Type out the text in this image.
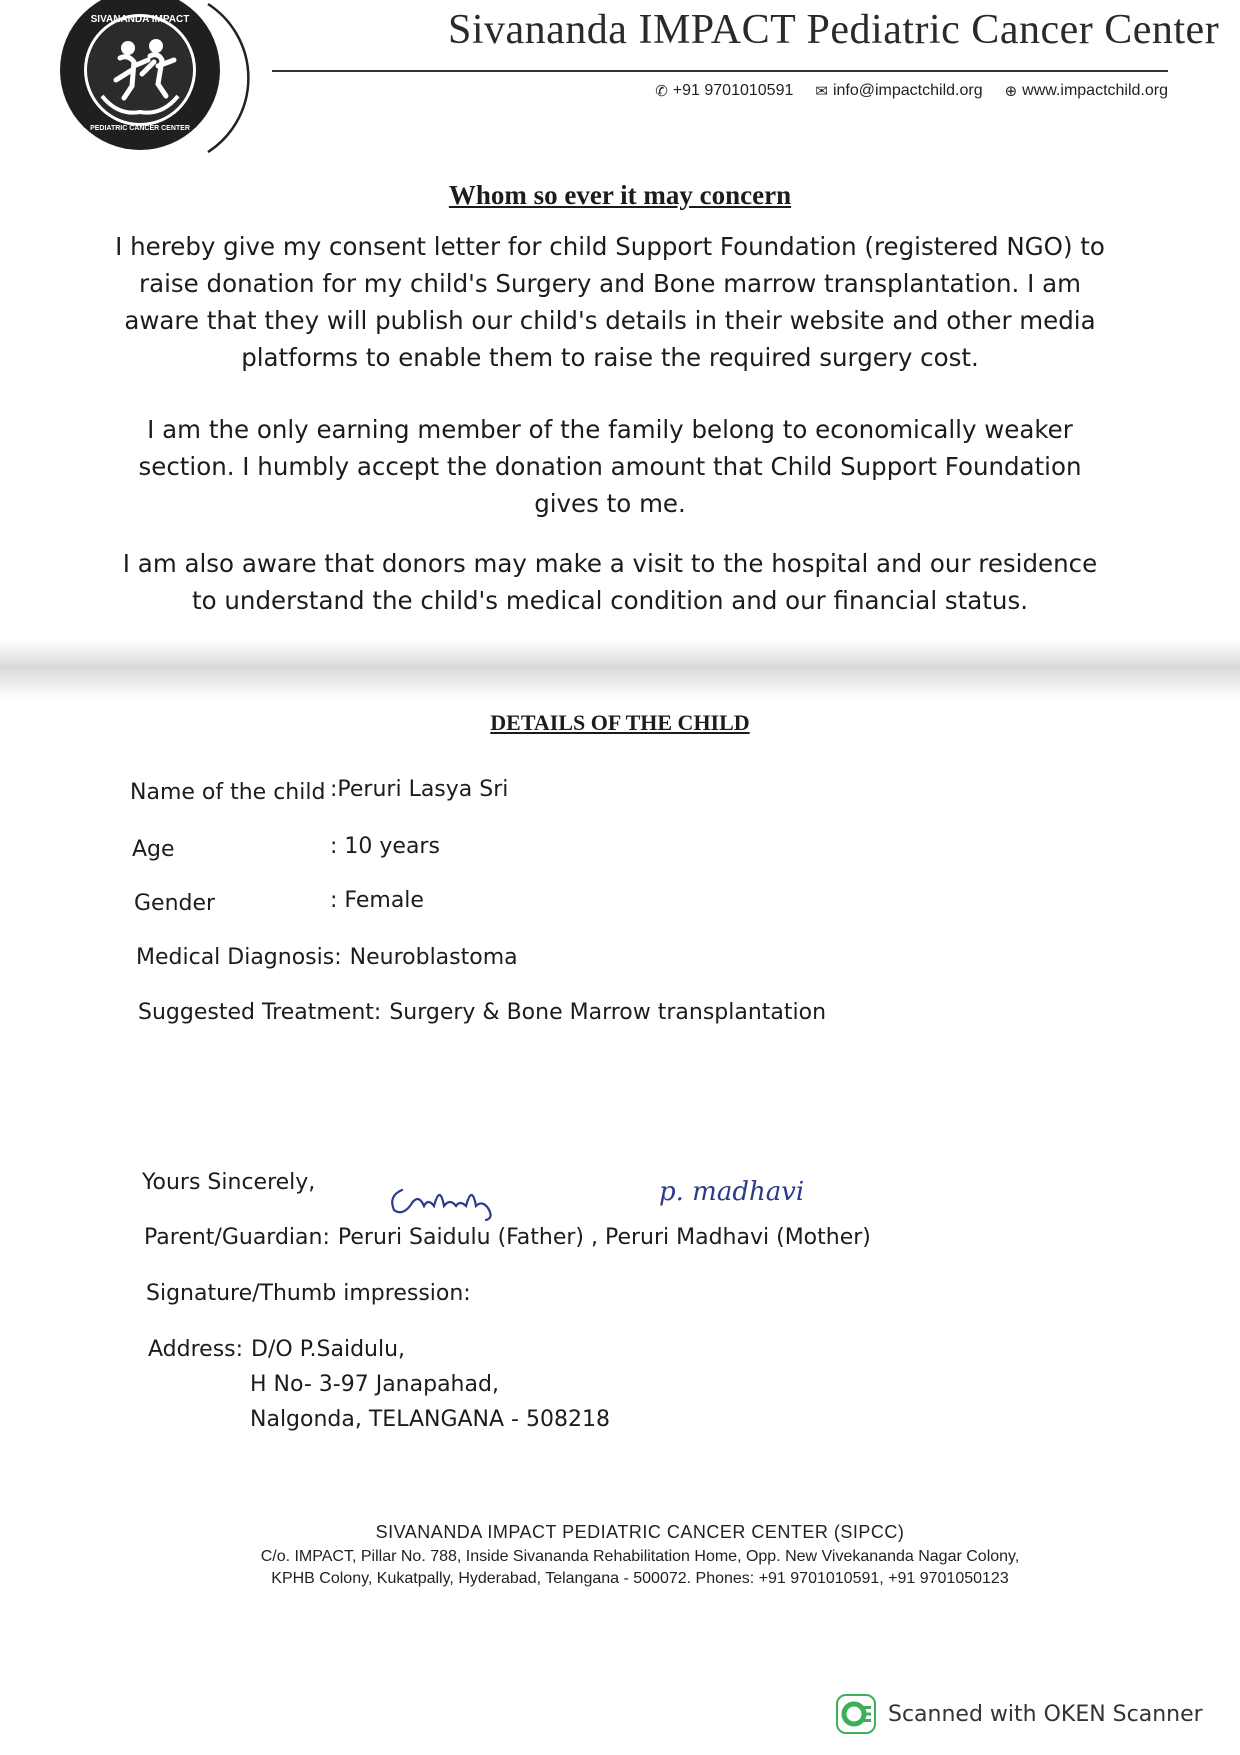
SIVANANDA IMPACT
PEDIATRIC CANCER CENTER
Sivananda IMPACT Pediatric Cancer Center
✆ +91 9701010591 ✉ info@impactchild.org ⊕ www.impactchild.org
Whom so ever it may concern
I hereby give my consent letter for child Support Foundation (registered NGO) to raise donation for my child's Surgery and Bone marrow transplantation. I am aware that they will publish our child's details in their website and other media platforms to enable them to raise the required surgery cost.
I am the only earning member of the family belong to economically weaker section. I humbly accept the donation amount that Child Support Foundation gives to me.
I am also aware that donors may make a visit to the hospital and our residence to understand the child's medical condition and our financial status.
DETAILS OF THE CHILD
Name of the child :Peruri Lasya Sri
Age	: 10 years
Gender	: Female
Medical Diagnosis: Neuroblastoma
Suggested Treatment: Surgery & Bone Marrow transplantation
Yours Sincerely,	p. madhavi
Parent/Guardian: Peruri Saidulu (Father) , Peruri Madhavi (Mother)
Signature/Thumb impression:
Address: D/O P.Saidulu,
H No- 3-97 Janapahad,
Nalgonda, TELANGANA - 508218
SIVANANDA IMPACT PEDIATRIC CANCER CENTER (SIPCC)
C/o. IMPACT, Pillar No. 788, Inside Sivananda Rehabilitation Home, Opp. New Vivekananda Nagar Colony,
KPHB Colony, Kukatpally, Hyderabad, Telangana - 500072. Phones: +91 9701010591, +91 9701050123
Scanned with OKEN Scanner
